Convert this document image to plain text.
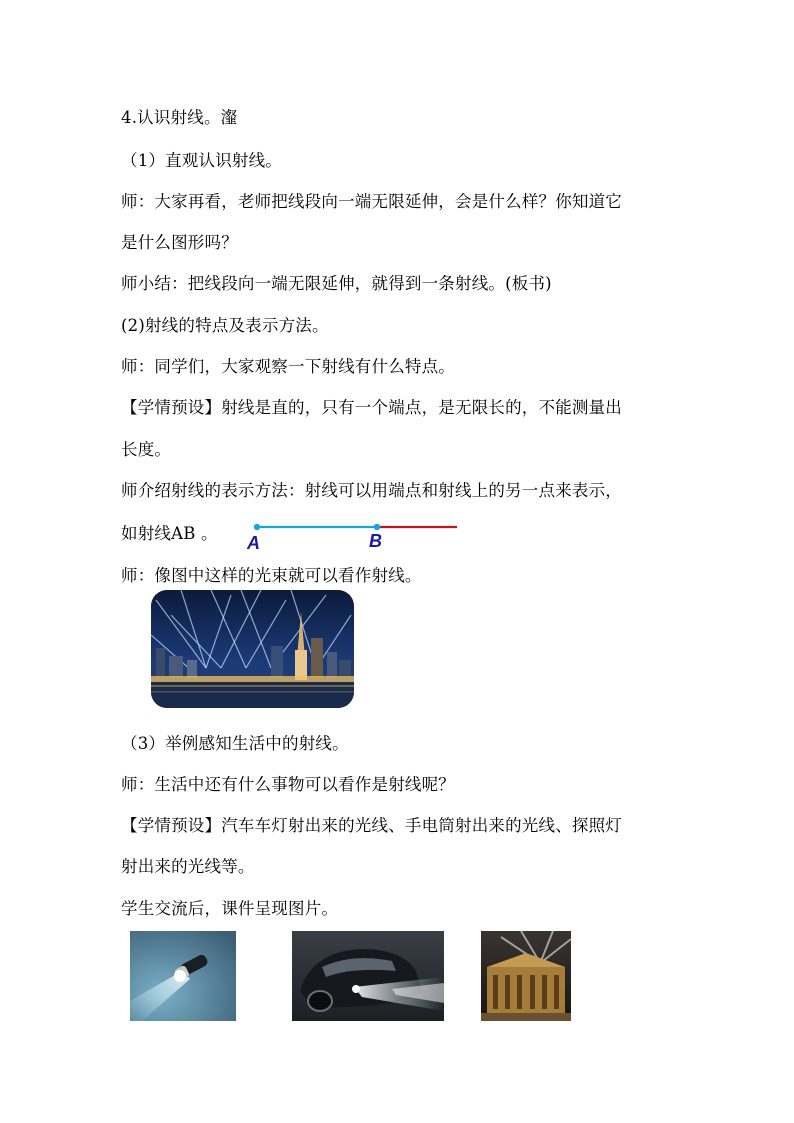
4.认识射线。瀣

（1）直观认识射线。

师：大家再看，老师把线段向一端无限延伸，会是什么样？你知道它

是什么图形吗？

师小结：把线段向一端无限延伸，就得到一条射线。(板书)

(2)射线的特点及表示方法。

师：同学们，大家观察一下射线有什么特点。

【学情预设】射线是直的，只有一个端点，是无限长的，不能测量出

长度。

师介绍射线的表示方法：射线可以用端点和射线上的另一点来表示，

如射线AB 。 A	B

师：像图中这样的光束就可以看作射线。

（3）举例感知生活中的射线。

师：生活中还有什么事物可以看作是射线呢？

【学情预设】汽车车灯射出来的光线、手电筒射出来的光线、探照灯

射出来的光线等。

学生交流后，课件呈现图片。
